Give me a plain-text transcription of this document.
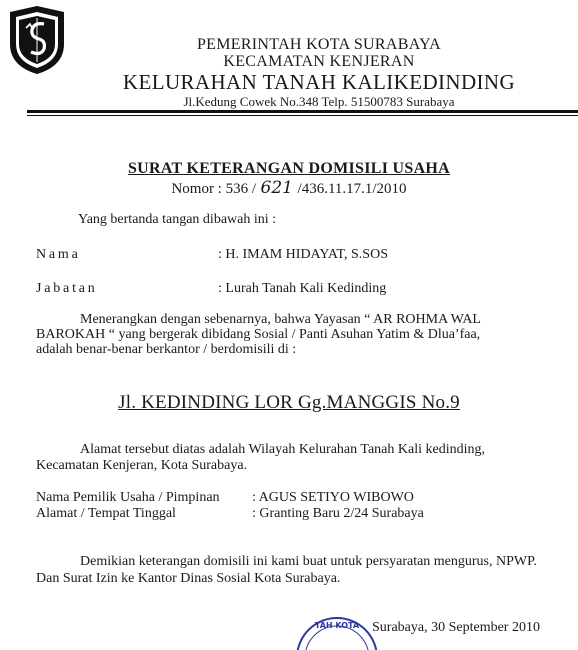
PEMERINTAH KOTA SURABAYA
KECAMATAN KENJERAN
KELURAHAN TANAH KALIKEDINDING
Jl.Kedung Cowek No.348 Telp. 51500783 Surabaya
SURAT KETERANGAN DOMISILI USAHA
Nomor : 536 / 621 /436.11.17.1/2010
Yang bertanda tangan dibawah ini :
Nama	: H. IMAM HIDAYAT, S.SOS
Jabatan	: Lurah Tanah Kali Kedinding
Menerangkan dengan sebenarnya, bahwa Yayasan “ AR ROHMA WAL
BAROKAH “ yang bergerak dibidang Sosial / Panti Asuhan Yatim & Dlua’faa,
adalah benar-benar berkantor / berdomisili di :
Jl. KEDINDING LOR Gg.MANGGIS No.9
Alamat tersebut diatas adalah Wilayah Kelurahan Tanah Kali kedinding,
Kecamatan Kenjeran, Kota Surabaya.
Nama Pemilik Usaha / Pimpinan : AGUS SETIYO WIBOWO
Alamat / Tempat Tinggal	: Granting Baru 2/24 Surabaya
Demikian keterangan domisili ini kami buat untuk persyaratan mengurus, NPWP.
Dan Surat Izin ke Kantor Dinas Sosial Kota Surabaya.
TAH KOTA Surabaya, 30 September 2010
